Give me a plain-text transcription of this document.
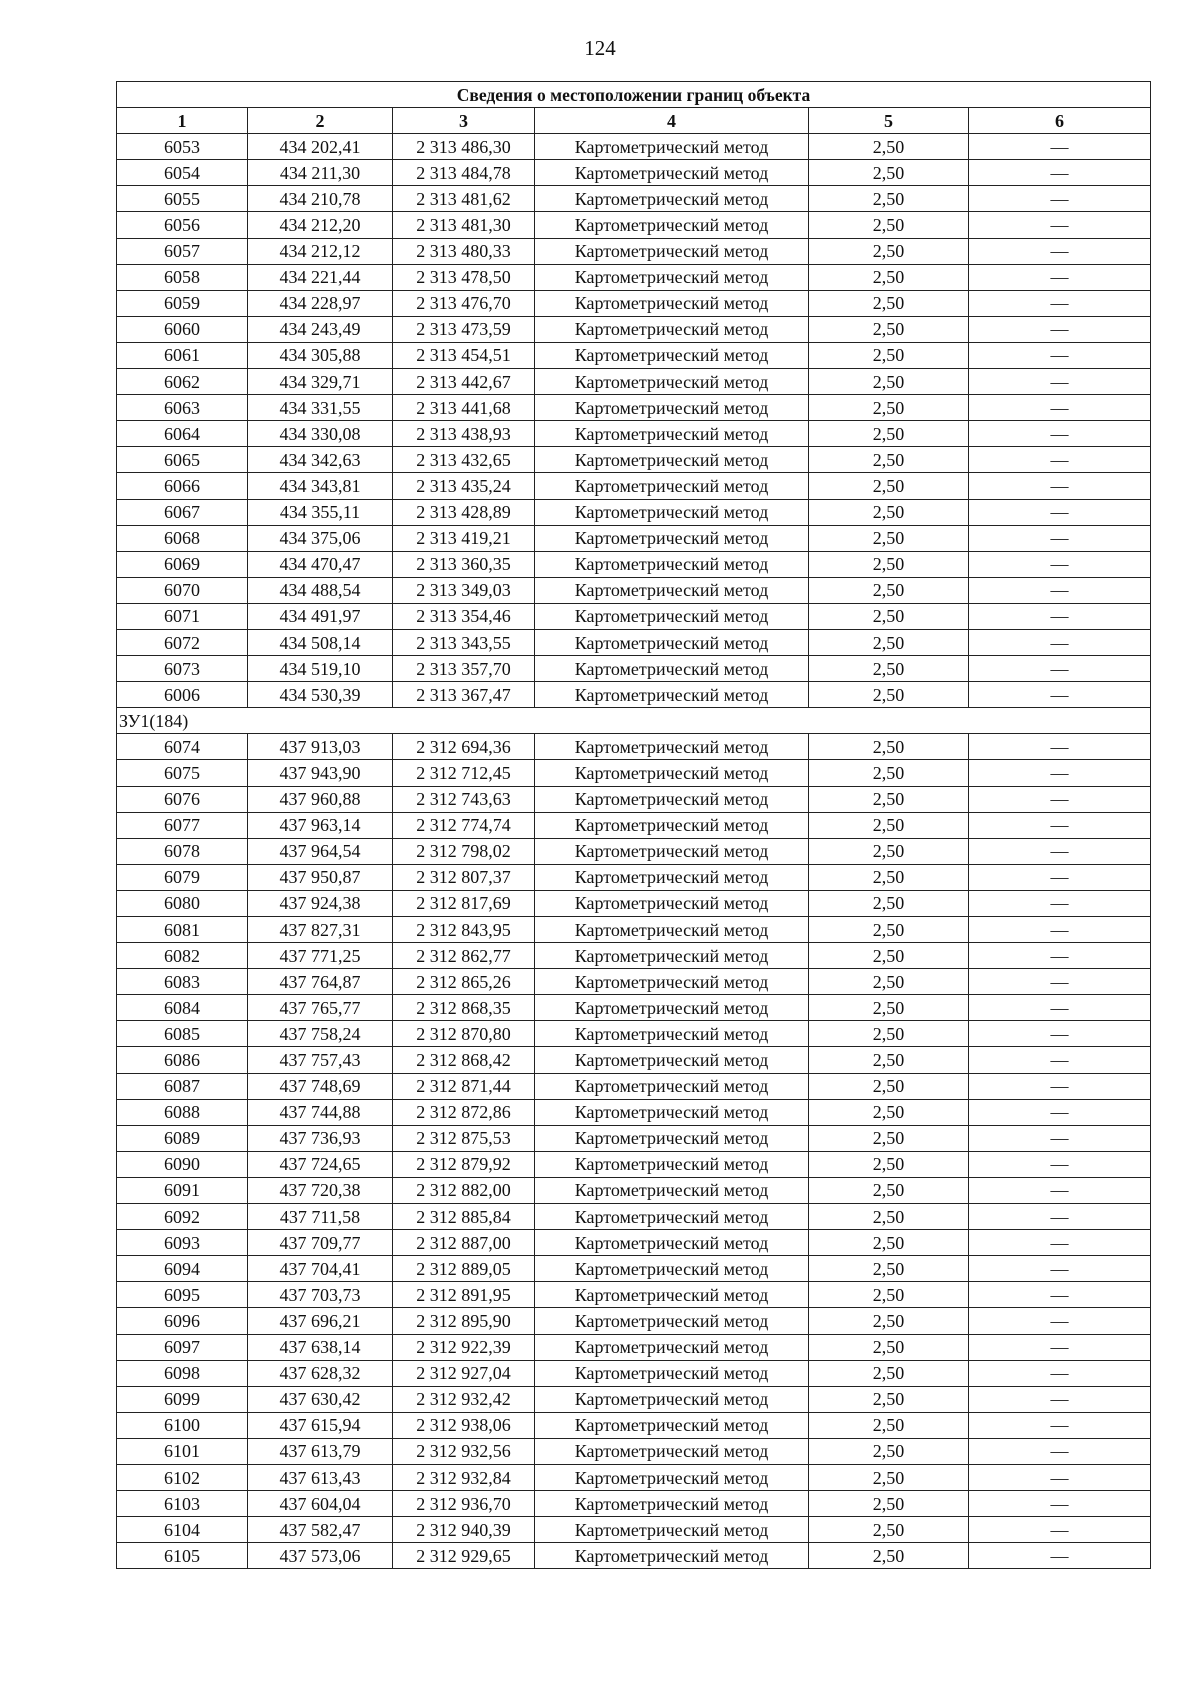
124
Сведения о местоположении границ объекта					
1	2	3	4	5	6
6053	434 202,41	2 313 486,30	Картометрический метод	2,50	—
6054	434 211,30	2 313 484,78	Картометрический метод	2,50	—
6055	434 210,78	2 313 481,62	Картометрический метод	2,50	—
6056	434 212,20	2 313 481,30	Картометрический метод	2,50	—
6057	434 212,12	2 313 480,33	Картометрический метод	2,50	—
6058	434 221,44	2 313 478,50	Картометрический метод	2,50	—
6059	434 228,97	2 313 476,70	Картометрический метод	2,50	—
6060	434 243,49	2 313 473,59	Картометрический метод	2,50	—
6061	434 305,88	2 313 454,51	Картометрический метод	2,50	—
6062	434 329,71	2 313 442,67	Картометрический метод	2,50	—
6063	434 331,55	2 313 441,68	Картометрический метод	2,50	—
6064	434 330,08	2 313 438,93	Картометрический метод	2,50	—
6065	434 342,63	2 313 432,65	Картометрический метод	2,50	—
6066	434 343,81	2 313 435,24	Картометрический метод	2,50	—
6067	434 355,11	2 313 428,89	Картометрический метод	2,50	—
6068	434 375,06	2 313 419,21	Картометрический метод	2,50	—
6069	434 470,47	2 313 360,35	Картометрический метод	2,50	—
6070	434 488,54	2 313 349,03	Картометрический метод	2,50	—
6071	434 491,97	2 313 354,46	Картометрический метод	2,50	—
6072	434 508,14	2 313 343,55	Картометрический метод	2,50	—
6073	434 519,10	2 313 357,70	Картометрический метод	2,50	—
6006	434 530,39	2 313 367,47	Картометрический метод	2,50	—
ЗУ1(184)					
6074	437 913,03	2 312 694,36	Картометрический метод	2,50	—
6075	437 943,90	2 312 712,45	Картометрический метод	2,50	—
6076	437 960,88	2 312 743,63	Картометрический метод	2,50	—
6077	437 963,14	2 312 774,74	Картометрический метод	2,50	—
6078	437 964,54	2 312 798,02	Картометрический метод	2,50	—
6079	437 950,87	2 312 807,37	Картометрический метод	2,50	—
6080	437 924,38	2 312 817,69	Картометрический метод	2,50	—
6081	437 827,31	2 312 843,95	Картометрический метод	2,50	—
6082	437 771,25	2 312 862,77	Картометрический метод	2,50	—
6083	437 764,87	2 312 865,26	Картометрический метод	2,50	—
6084	437 765,77	2 312 868,35	Картометрический метод	2,50	—
6085	437 758,24	2 312 870,80	Картометрический метод	2,50	—
6086	437 757,43	2 312 868,42	Картометрический метод	2,50	—
6087	437 748,69	2 312 871,44	Картометрический метод	2,50	—
6088	437 744,88	2 312 872,86	Картометрический метод	2,50	—
6089	437 736,93	2 312 875,53	Картометрический метод	2,50	—
6090	437 724,65	2 312 879,92	Картометрический метод	2,50	—
6091	437 720,38	2 312 882,00	Картометрический метод	2,50	—
6092	437 711,58	2 312 885,84	Картометрический метод	2,50	—
6093	437 709,77	2 312 887,00	Картометрический метод	2,50	—
6094	437 704,41	2 312 889,05	Картометрический метод	2,50	—
6095	437 703,73	2 312 891,95	Картометрический метод	2,50	—
6096	437 696,21	2 312 895,90	Картометрический метод	2,50	—
6097	437 638,14	2 312 922,39	Картометрический метод	2,50	—
6098	437 628,32	2 312 927,04	Картометрический метод	2,50	—
6099	437 630,42	2 312 932,42	Картометрический метод	2,50	—
6100	437 615,94	2 312 938,06	Картометрический метод	2,50	—
6101	437 613,79	2 312 932,56	Картометрический метод	2,50	—
6102	437 613,43	2 312 932,84	Картометрический метод	2,50	—
6103	437 604,04	2 312 936,70	Картометрический метод	2,50	—
6104	437 582,47	2 312 940,39	Картометрический метод	2,50	—
6105	437 573,06	2 312 929,65	Картометрический метод	2,50	—
